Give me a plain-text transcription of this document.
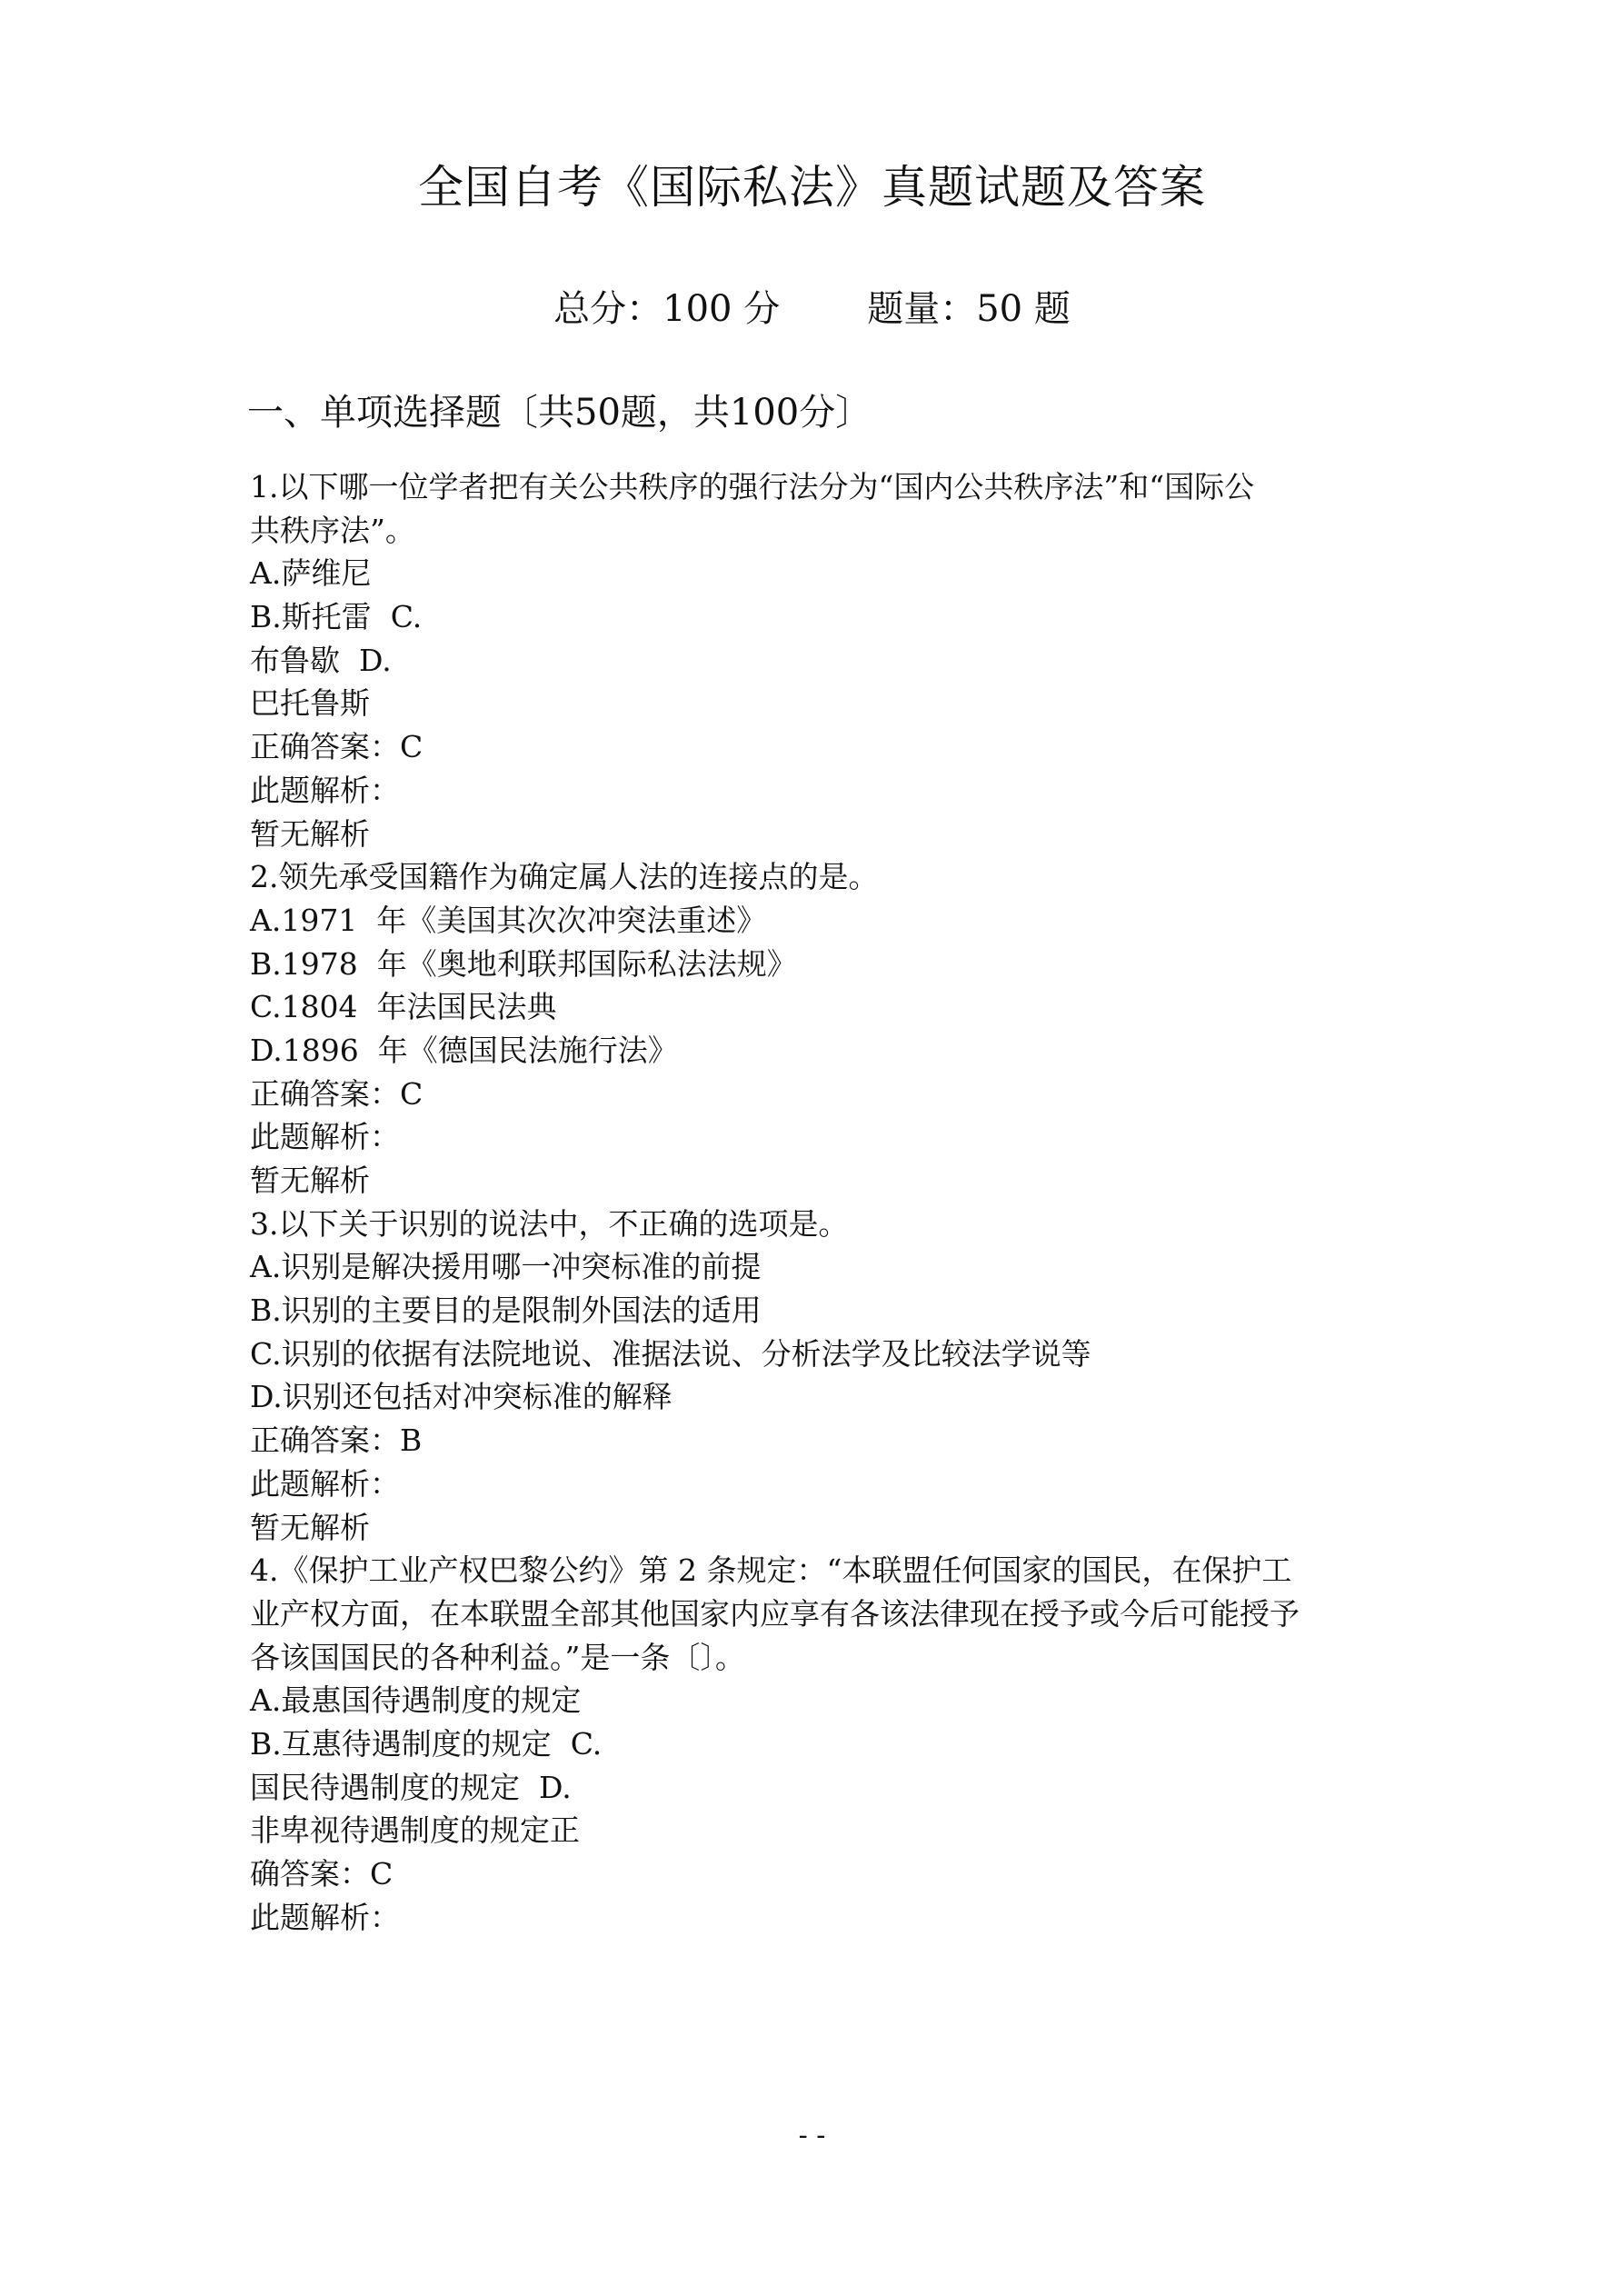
全国自考《国际私法》真题试题及答案
总分：100 分 题量：50 题
一、单项选择题〔共50题，共100分〕
1.以下哪一位学者把有关公共秩序的强行法分为“国内公共秩序法”和“国际公
共秩序法”。
A.萨维尼
B.斯托雷  C.
布鲁歇  D.
巴托鲁斯
正确答案：C
此题解析：
暂无解析
2.领先承受国籍作为确定属人法的连接点的是。
A.1971  年《美国其次次冲突法重述》
B.1978  年《奥地利联邦国际私法法规》
C.1804  年法国民法典
D.1896  年《德国民法施行法》
正确答案：C
此题解析：
暂无解析
3.以下关于识别的说法中，不正确的选项是。
A.识别是解决援用哪一冲突标准的前提
B.识别的主要目的是限制外国法的适用
C.识别的依据有法院地说、准据法说、分析法学及比较法学说等
D.识别还包括对冲突标准的解释
正确答案：B
此题解析：
暂无解析
4.《保护工业产权巴黎公约》第 2 条规定：“本联盟任何国家的国民，在保护工
业产权方面，在本联盟全部其他国家内应享有各该法律现在授予或今后可能授予
各该国国民的各种利益。”是一条〔〕。
A.最惠国待遇制度的规定
B.互惠待遇制度的规定  C.
国民待遇制度的规定  D.
非卑视待遇制度的规定正
确答案：C
此题解析：
- -
